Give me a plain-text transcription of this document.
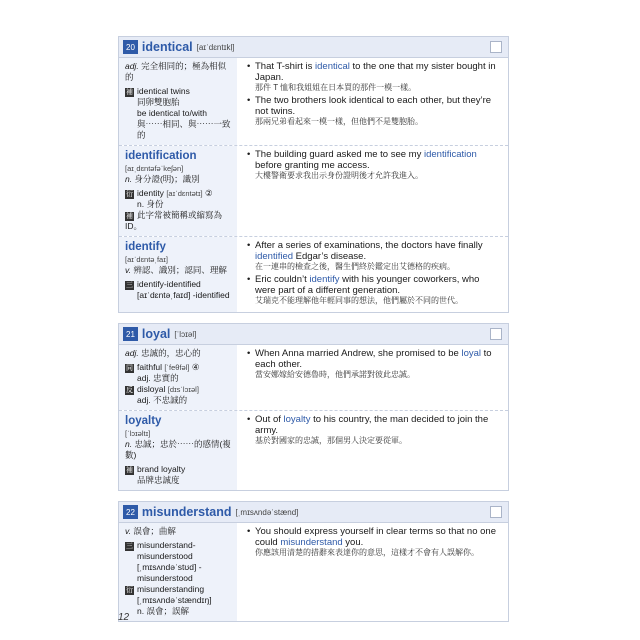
20 identical [aɪˈdɛntɪkḷ]
adj. 完全相同的；極為相似的
補 identical twins
同卵雙胞胎
be identical to/with
與⋯⋯相同、與⋯⋯一致的
• That T-shirt is identical to the one that my sister bought in Japan.
那件 T 恤和我姐姐在日本買的那件一模一樣。
• The two brothers look identical to each other, but they’re not twins.
那兩兄弟看起來一模一樣，但他們不是雙胞胎。
identification
[aɪˌdɛntəfəˈkeʃən]
n. 身分證(明)；識別
衍 identity [aɪˈdɛntətɪ] ②
n. 身份
補 此字常被簡稱或縮寫為 ID。
• The building guard asked me to see my identification before granting me access.
大樓警衛要求我出示身份證明後才允許我進入。
identify
[aɪˈdɛntəˌfaɪ]
v. 辨認、識別；認同、理解
三 identify-identified
[aɪˈdɛntəˌfaɪd] -identified
• After a series of examinations, the doctors have finally identified Edgar’s disease.
在一連串的檢查之後，醫生們終於鑑定出艾德格的疾病。
• Eric couldn’t identify with his younger coworkers, who were part of a different generation.
艾瑞克不能理解他年輕同事的想法，他們屬於不同的世代。
21 loyal [ˈlɔɪəl]
adj. 忠誠的，忠心的
同 faithful [ˈfeθfəl] ④
adj. 忠實的
反 disloyal [dɪsˈlɔɪəl]
adj. 不忠誠的
• When Anna married Andrew, she promised to be loyal to each other.
當安娜嫁給安德魯時，他們承諾對彼此忠誠。
loyalty
[ˈlɔɪəltɪ]
n. 忠誠；忠於⋯⋯的感情(複數)
補 brand loyalty
品牌忠誠度
• Out of loyalty to his country, the man decided to join the army.
基於對國家的忠誠，那個男人決定要從軍。
22 misunderstand [ˌmɪsʌndəˈstænd]
v. 誤會；曲解
三 misunderstand-
misunderstood
[ˌmɪsʌndəˈstʊd] -
misunderstood
衍 misunderstanding
[ˌmɪsʌndəˈstændɪŋ]
n. 誤會；誤解
• You should express yourself in clear terms so that no one could misunderstand you.
你應該用清楚的措辭來表達你的意思，這樣才不會有人誤解你。
12
